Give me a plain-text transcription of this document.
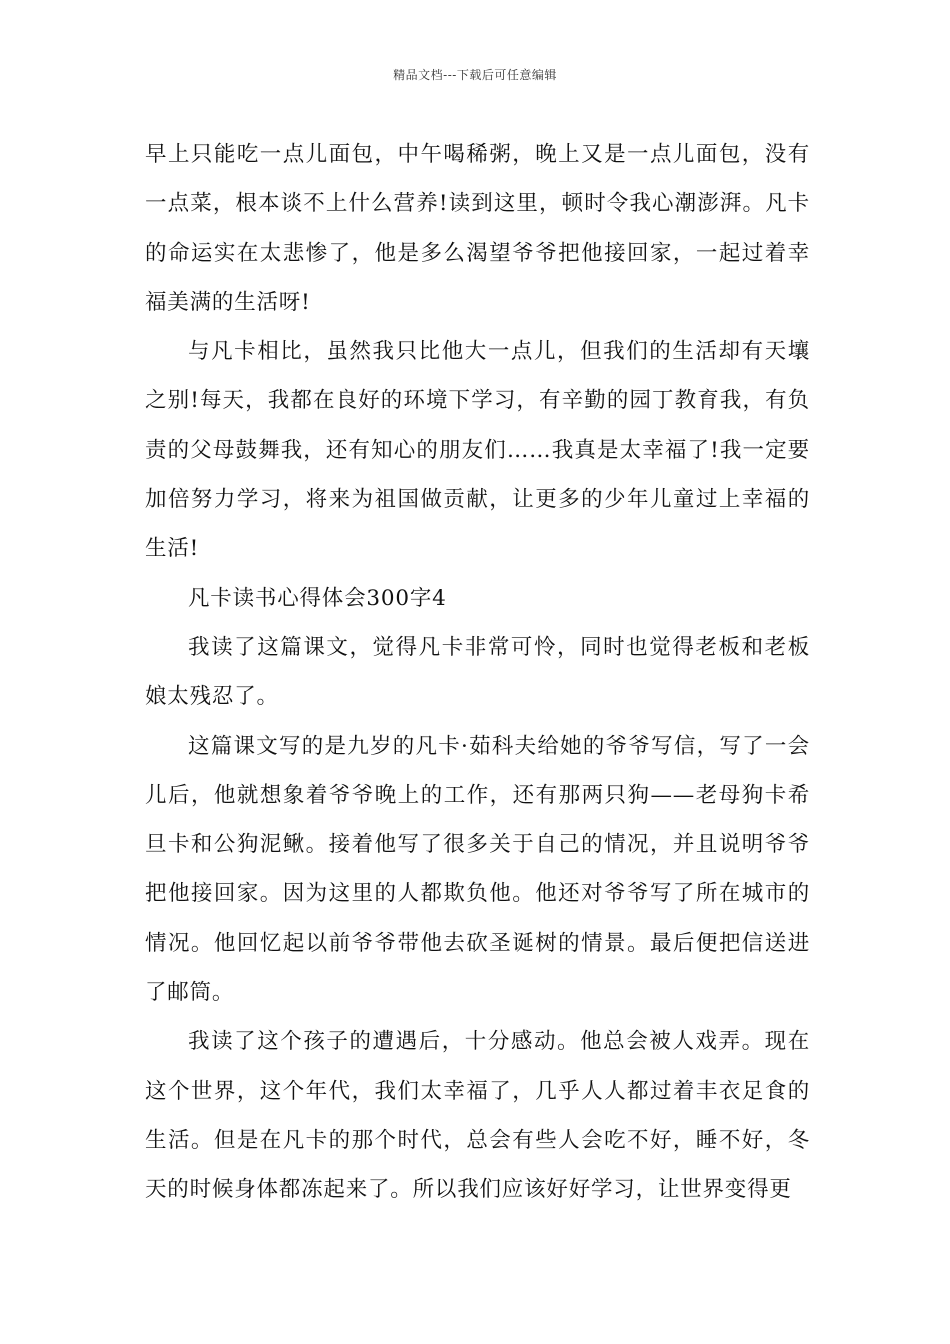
精品文档---下载后可任意编辑

早上只能吃一点儿面包，中午喝稀粥，晚上又是一点儿面包，没有一点菜，根本谈不上什么营养!读到这里，顿时令我心潮澎湃。凡卡的命运实在太悲惨了，他是多么渴望爷爷把他接回家，一起过着幸福美满的生活呀!

与凡卡相比，虽然我只比他大一点儿，但我们的生活却有天壤之别!每天，我都在良好的环境下学习，有辛勤的园丁教育我，有负责的父母鼓舞我，还有知心的朋友们……我真是太幸福了!我一定要加倍努力学习，将来为祖国做贡献，让更多的少年儿童过上幸福的生活!

凡卡读书心得体会300字4

我读了这篇课文，觉得凡卡非常可怜，同时也觉得老板和老板娘太残忍了。

这篇课文写的是九岁的凡卡·茹科夫给她的爷爷写信，写了一会儿后，他就想象着爷爷晚上的工作，还有那两只狗——老母狗卡希旦卡和公狗泥鳅。接着他写了很多关于自己的情况，并且说明爷爷把他接回家。因为这里的人都欺负他。他还对爷爷写了所在城市的情况。他回忆起以前爷爷带他去砍圣诞树的情景。最后便把信送进了邮筒。

我读了这个孩子的遭遇后，十分感动。他总会被人戏弄。现在这个世界，这个年代，我们太幸福了，几乎人人都过着丰衣足食的生活。但是在凡卡的那个时代，总会有些人会吃不好，睡不好，冬天的时候身体都冻起来了。所以我们应该好好学习，让世界变得更
